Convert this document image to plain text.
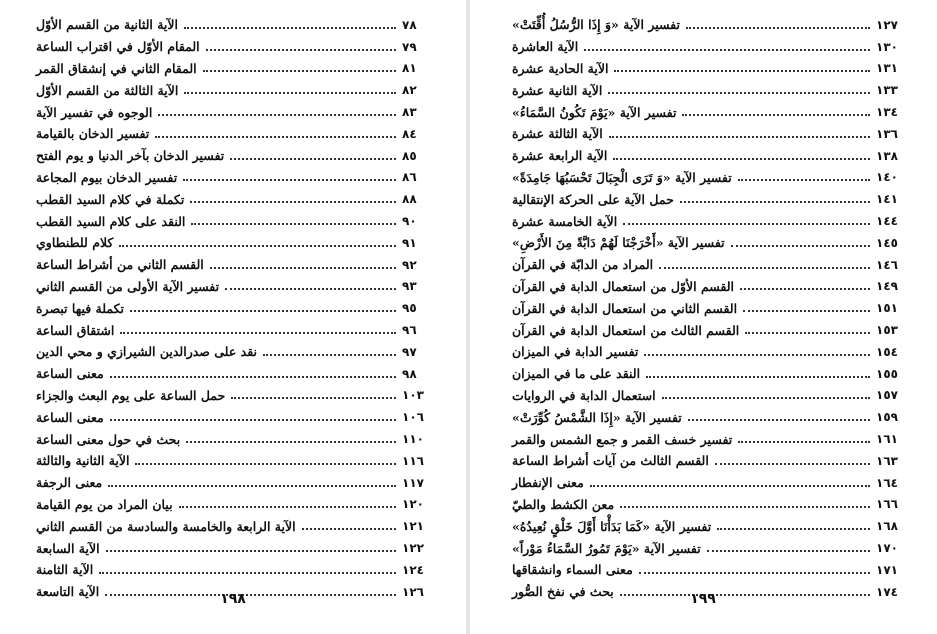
الآية الثانية من القسم الأوّل	٧٨
المقام الأوّل في اقتراب الساعة	٧٩
المقام الثاني في إنشقاق القمر	٨١
الآية الثالثة من القسم الأوّل	٨٢
الوجوه في تفسير الآية	٨٣
تفسير الدخان بالقيامة	٨٤
تفسير الدخان بآخر الدنيا و يوم الفتح	٨٥
تفسير الدخان بيوم المجاعة	٨٦
تكملة في كلام السيد القطب	٨٨
النقد على كلام السيد القطب	٩٠
كلام للطنطاوي	٩١
القسم الثاني من أشراط الساعة	٩٢
تفسير الآية الأولى من القسم الثاني	٩٣
تكملة فيها تبصرة	٩٥
اشتقاق الساعة	٩٦
نقد على صدرالدين الشيرازي و محي الدين	٩٧
معنى الساعة	٩٨
حمل الساعة على يوم البعث والجزاء	١٠٣
معنى الساعة	١٠٦
بحث في حول معنى الساعة	١١٠
الآية الثانية والثالثة	١١٦
معنى الرجفة	١١٧
بيان المراد من يوم القيامة	١٢٠
الآية الرابعة والخامسة والسادسة من القسم الثاني	١٢١
الآية السابعة	١٢٢
الآية الثامنة	١٢٤
الآية التاسعة	١٢٦
١٩٨
تفسير الآية «وَ إِذَا الرُّسُلُ أُقِّتَتْ»	١٢٧
الآية العاشرة	١٣٠
الآية الحادية عشرة	١٣١
الآية الثانية عشرة	١٣٣
تفسير الآية «يَوْمَ تَكُونُ السَّمَاءُ»	١٣٤
الآية الثالثة عشرة	١٣٦
الآية الرابعة عشرة	١٣٨
تفسير الآية «وَ تَرَى الْجِبَالَ تَحْسَبُهَا جَامِدَةً»	١٤٠
حمل الآية على الحركة الإنتقالية	١٤١
الآية الخامسة عشرة	١٤٤
تفسير الآية «أَخْرَجْنَا لَهُمْ دَابَّةً مِنَ الأَرْضِ»	١٤٥
المراد من الدابّة في القرآن	١٤٦
القسم الأوّل من استعمال الدابة في القرآن	١٤٩
القسم الثاني من استعمال الدابة في القرآن	١٥١
القسم الثالث من استعمال الدابة في القرآن	١٥٣
تفسير الدابة في الميزان	١٥٤
النقد على ما في الميزان	١٥٥
استعمال الدابة في الروايات	١٥٧
تفسير الآية «إِذَا الشَّمْسُ كُوِّرَتْ»	١٥٩
تفسير خسف القمر و جمع الشمس والقمر	١٦١
القسم الثالث من آيات أشراط الساعة	١٦٣
معنى الإنفطار	١٦٤
معن الكشط والطيّ	١٦٦
تفسير الآية «كَمَا بَدَأْنَا أَوَّلَ خَلْقٍ نُعِيدُهُ»	١٦٨
تفسير الآية «يَوْمَ تَمُورُ السَّمَاءُ مَوْراً»	١٧٠
معنى السماء وانشقاقها	١٧١
بحث في نفخ الصُّور	١٧٤
١٩٩
